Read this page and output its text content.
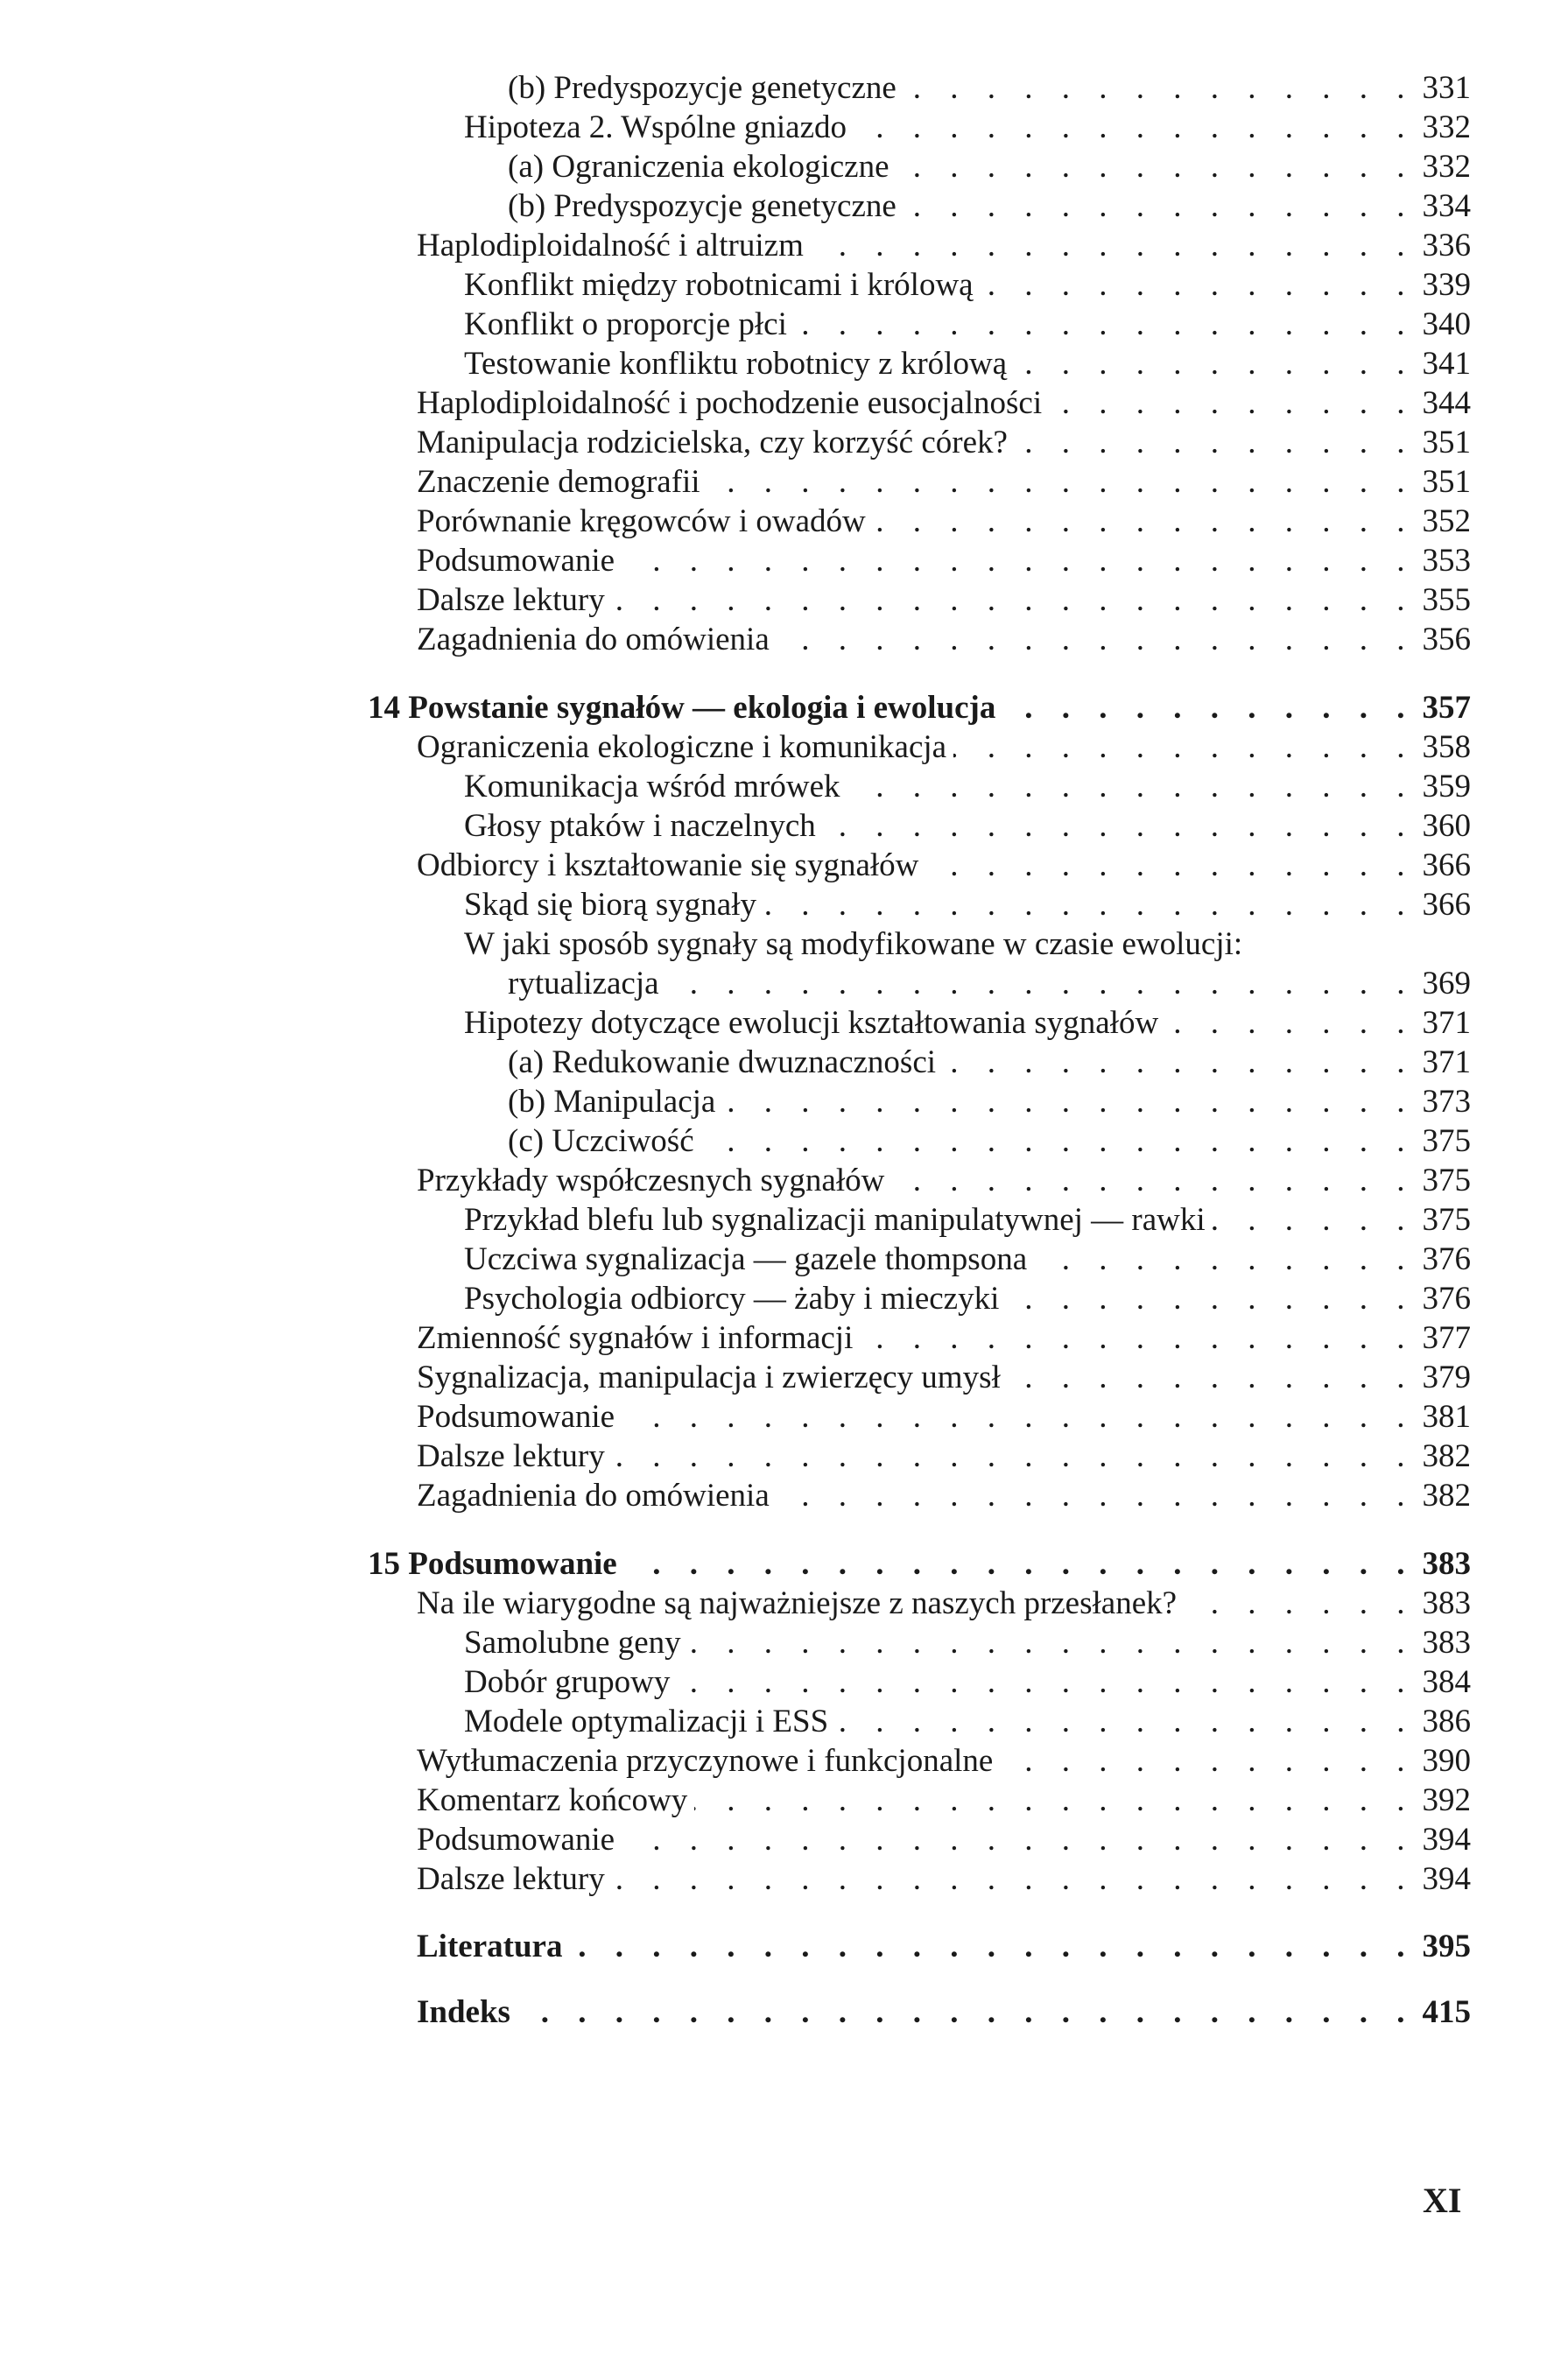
(b) Predyspozycje genetyczne . . .	331
Hipoteza 2. Wspólne gniazdo . . .	332
(a) Ograniczenia ekologiczne . . .	332
(b) Predyspozycje genetyczne . . .	334
Haplodiploidalność i altruizm . . .	336
Konflikt między robotnicami i królową . . .	339
Konflikt o proporcje płci . . .	340
Testowanie konfliktu robotnicy z królową . . .	341
Haplodiploidalność i pochodzenie eusocjalności . . .	344
Manipulacja rodzicielska, czy korzyść córek? . . .	351
Znaczenie demografii . . .	351
Porównanie kręgowców i owadów . . .	352
Podsumowanie . . .	353
Dalsze lektury . . .	355
Zagadnienia do omówienia . . .	356
14 Powstanie sygnałów — ekologia i ewolucja . . .	357
Ograniczenia ekologiczne i komunikacja . . .	358
Komunikacja wśród mrówek . . .	359
Głosy ptaków i naczelnych . . .	360
Odbiorcy i kształtowanie się sygnałów . . .	366
Skąd się biorą sygnały . . .	366
W jaki sposób sygnały są modyfikowane w czasie ewolucji:
rytualizacja . . .	369
Hipotezy dotyczące ewolucji kształtowania sygnałów . . .	371
(a) Redukowanie dwuznaczności . . .	371
(b) Manipulacja . . .	373
(c) Uczciwość . . .	375
Przykłady współczesnych sygnałów . . .	375
Przykład blefu lub sygnalizacji manipulatywnej — rawki . . .	375
Uczciwa sygnalizacja — gazele thompsona . . .	376
Psychologia odbiorcy — żaby i mieczyki . . .	376
Zmienność sygnałów i informacji . . .	377
Sygnalizacja, manipulacja i zwierzęcy umysł . . .	379
Podsumowanie . . .	381
Dalsze lektury . . .	382
Zagadnienia do omówienia . . .	382
15 Podsumowanie . . .	383
Na ile wiarygodne są najważniejsze z naszych przesłanek? . . .	383
Samolubne geny . . .	383
Dobór grupowy . . .	384
Modele optymalizacji i ESS . . .	386
Wytłumaczenia przyczynowe i funkcjonalne . . .	390
Komentarz końcowy . . .	392
Podsumowanie . . .	394
Dalsze lektury . . .	394
Literatura . . .	395
Indeks . . .	415
XI
